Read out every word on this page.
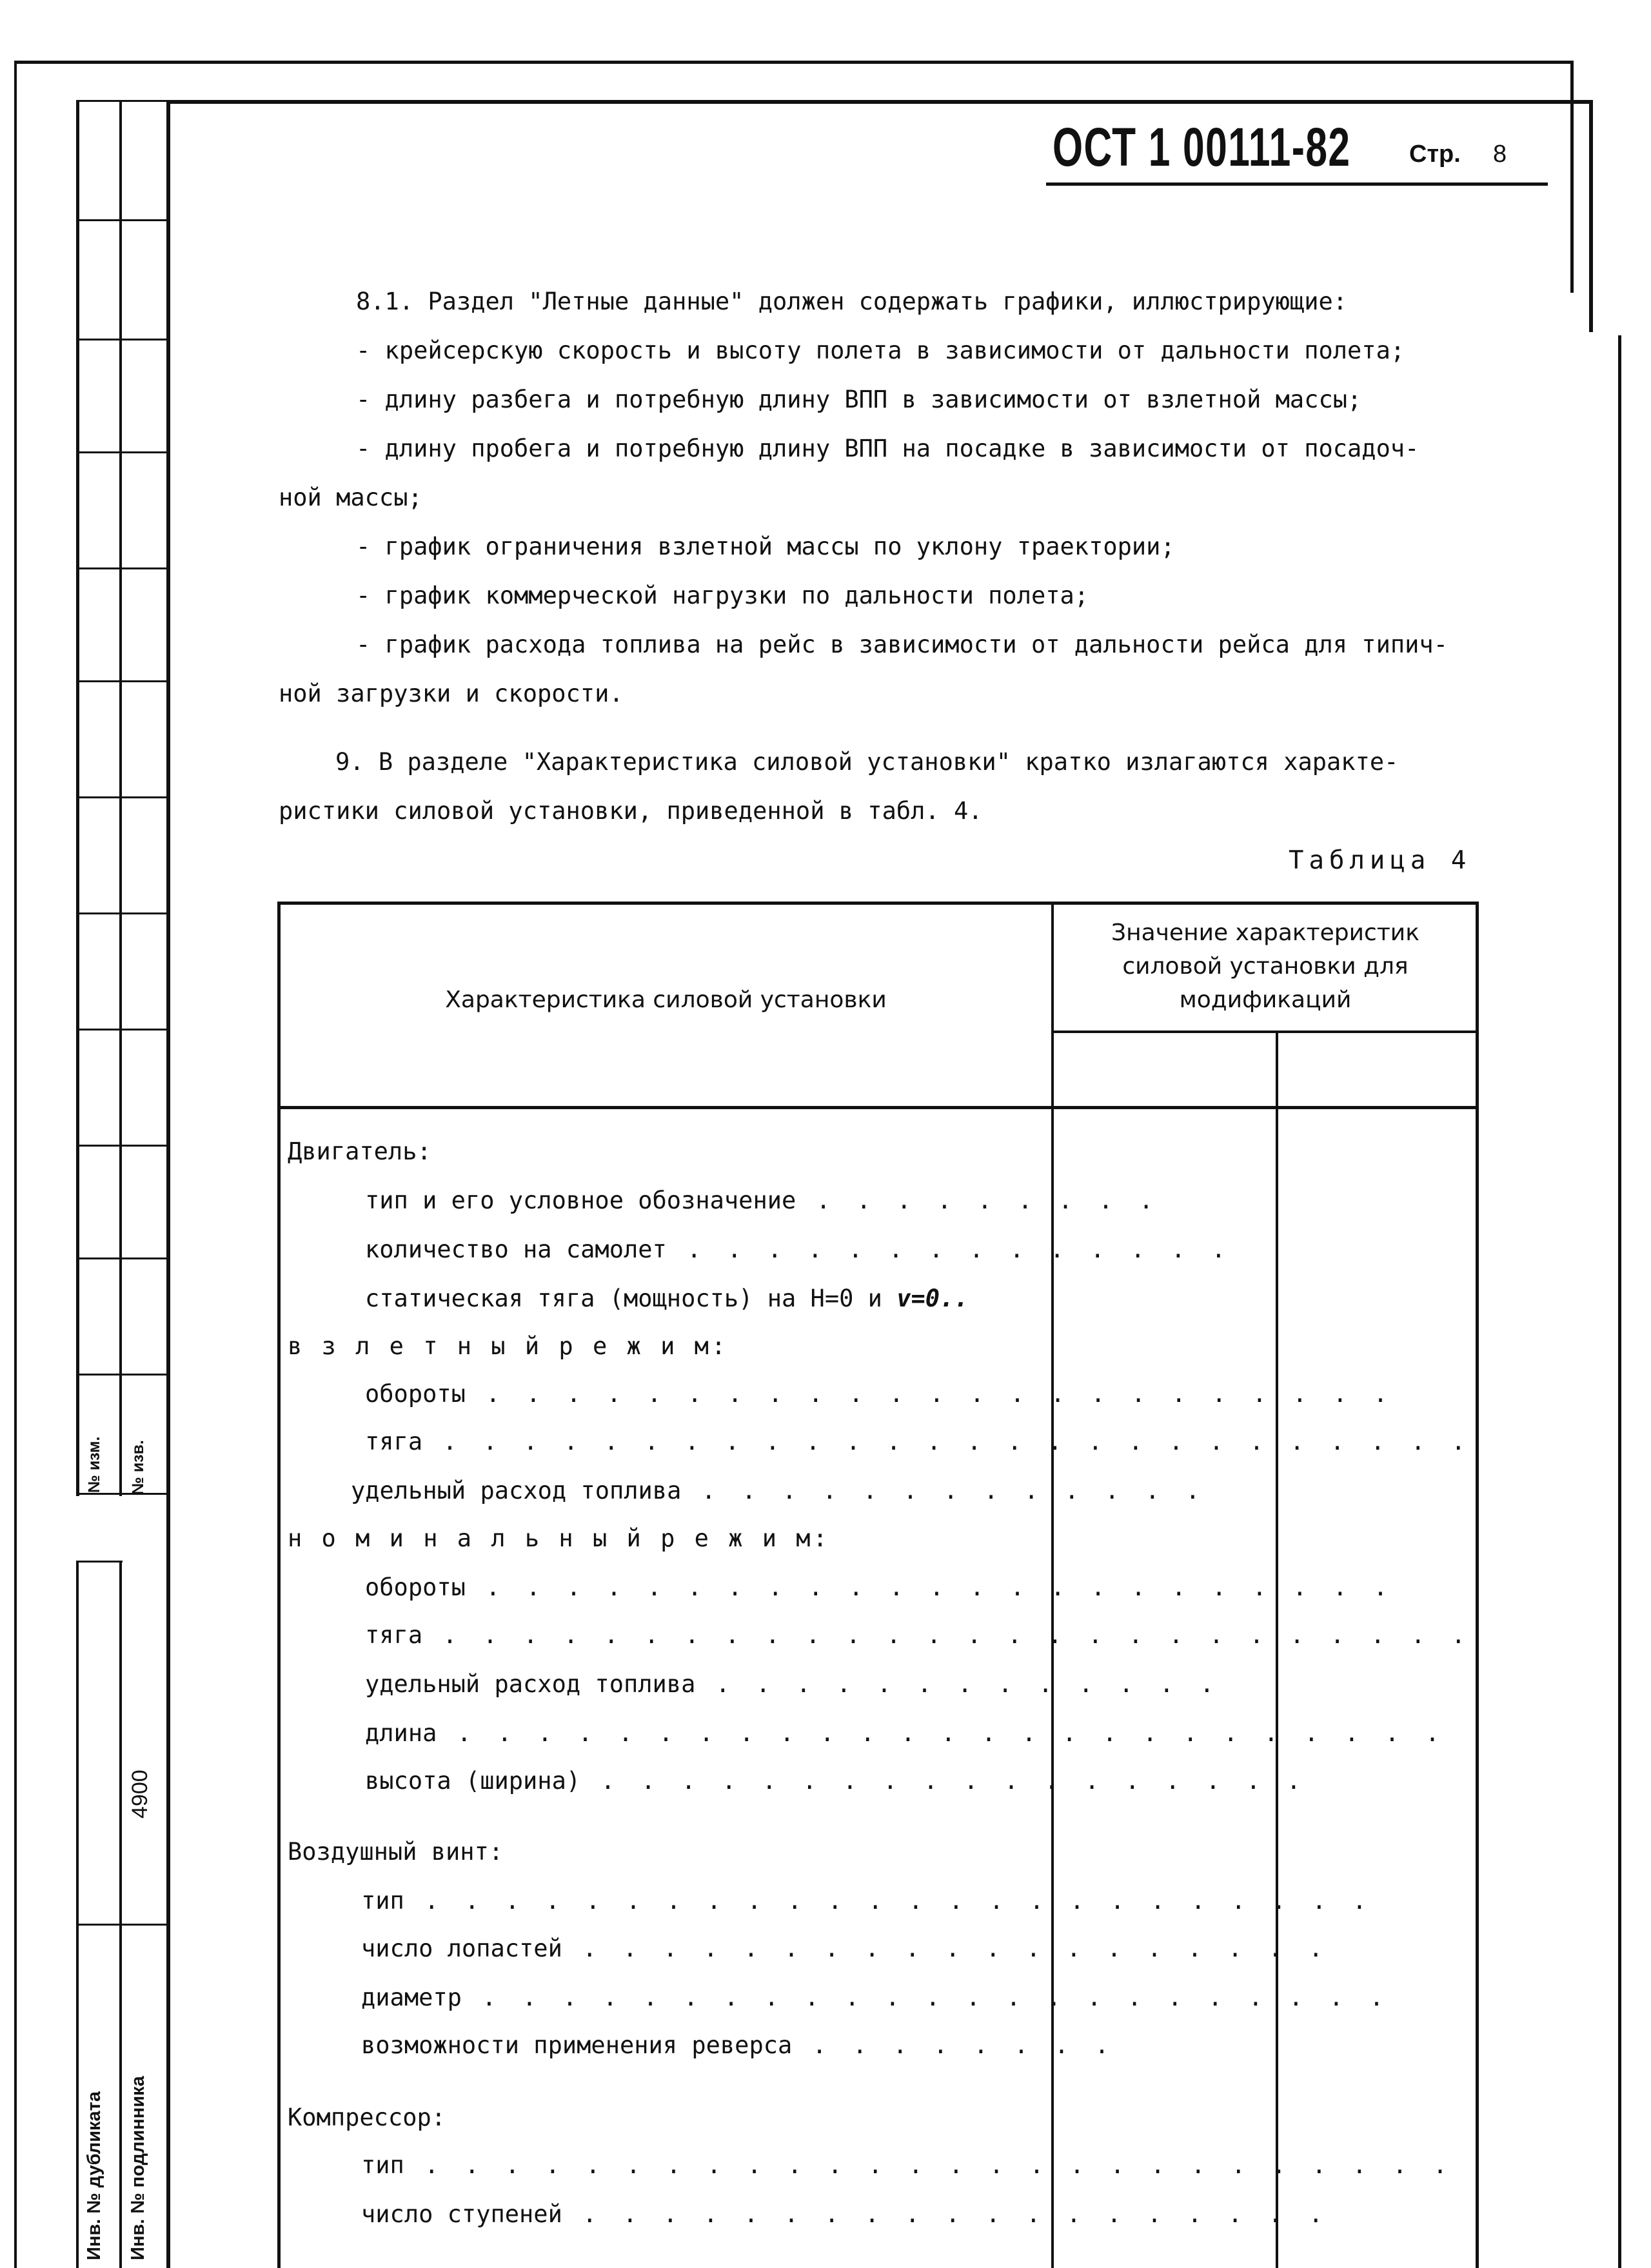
№ изм. № изв.
4900
Инв. № дубликата Инв. № подлинника
ОСТ 1 00111-82 Стр. 8
8.1. Раздел "Летные данные" должен содержать графики, иллюстрирующие:
- крейсерскую скорость и высоту полета в зависимости от дальности полета;
- длину разбега и потребную длину ВПП в зависимости от взлетной массы;
- длину пробега и потребную длину ВПП на посадке в зависимости от посадоч-
ной массы;
- график ограничения взлетной массы по уклону траектории;
- график коммерческой нагрузки по дальности полета;
- график расхода топлива на рейс в зависимости от дальности рейса для типич-
ной загрузки и скорости.
9. В разделе "Характеристика силовой установки" кратко излагаются характе-
ристики силовой установки, приведенной в табл. 4.
Таблица 4
Характеристика силовой установки
Значение характеристик
силовой установки для
модификаций
Двигатель:
тип и его условное обозначение . . . . . . . . .
количество на самолет . . . . . . . . . . . . . .
статическая тяга (мощность) на Н=0 и v=0..
в з л е т н ы й р е ж и м:
обороты . . . . . . . . . . . . . . . . . . . . . . .
тяга . . . . . . . . . . . . . . . . . . . . . . . . . .
удельный расход топлива . . . . . . . . . . . . .
н о м и н а л ь н ы й р е ж и м:
обороты . . . . . . . . . . . . . . . . . . . . . . .
тяга . . . . . . . . . . . . . . . . . . . . . . . . . .
удельный расход топлива . . . . . . . . . . . . .
длина . . . . . . . . . . . . . . . . . . . . . . . . .
высота (ширина) . . . . . . . . . . . . . . . . . .
Воздушный винт:
тип . . . . . . . . . . . . . . . . . . . . . . . .
число лопастей . . . . . . . . . . . . . . . . . . .
диаметр . . . . . . . . . . . . . . . . . . . . . . .
возможности применения реверса . . . . . . . .
Компрессор:
тип . . . . . . . . . . . . . . . . . . . . . . . . . .
число ступеней . . . . . . . . . . . . . . . . . . .
